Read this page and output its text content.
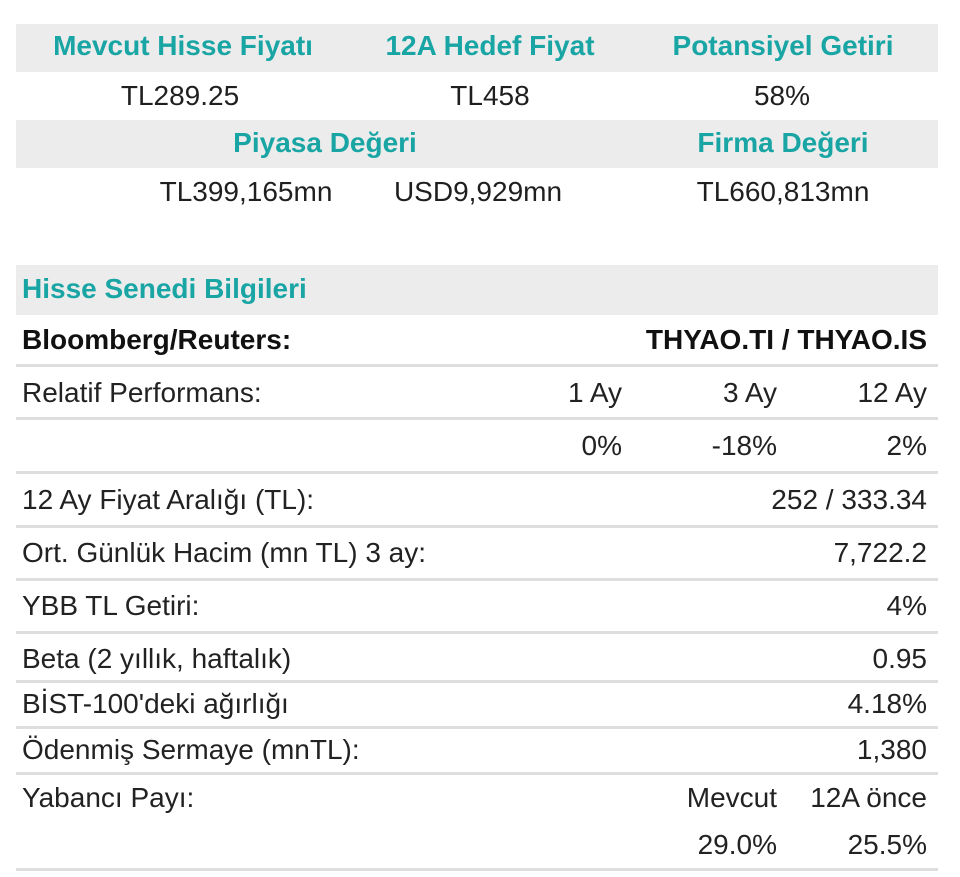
Mevcut Hisse Fiyatı	12A Hedef Fiyat	Potansiyel Getiri
TL289.25	TL458	58%
Piyasa Değeri	Firma Değeri
TL399,165mn USD9,929mn	TL660,813mn
Hisse Senedi Bilgileri
Bloomberg/Reuters:	THYAO.TI / THYAO.IS
Relatif Performans:	1 Ay	3 Ay	12 Ay
0%	-18%	2%
12 Ay Fiyat Aralığı (TL):	252 / 333.34
Ort. Günlük Hacim (mn TL) 3 ay:	7,722.2
YBB TL Getiri:	4%
Beta (2 yıllık, haftalık)	0.95
BİST-100'deki ağırlığı	4.18%
Ödenmiş Sermaye (mnTL):	1,380
Yabancı Payı:	Mevcut 12A önce
29.0%	25.5%
